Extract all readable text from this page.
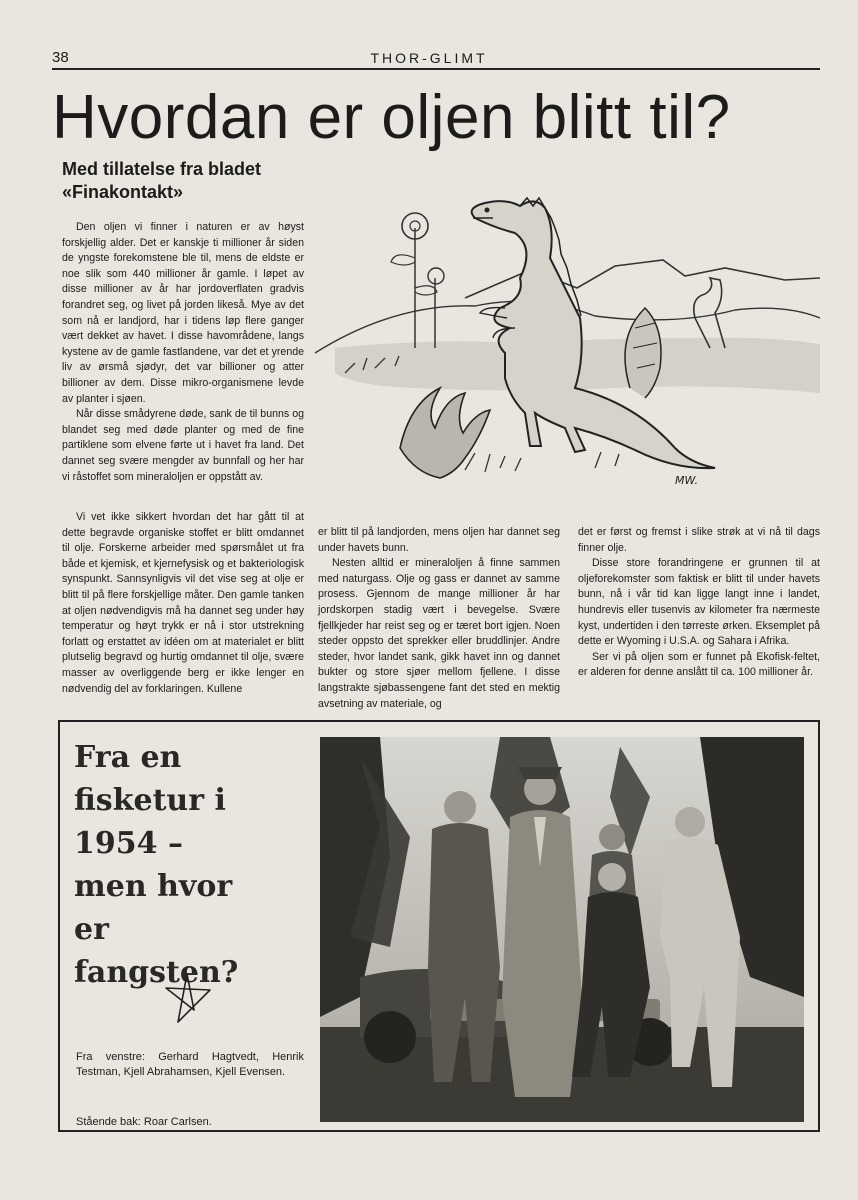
38	THOR-GLIMT
Hvordan er oljen blitt til?
Med tillatelse fra bladet
«Finakontakt»

Den oljen vi finner i naturen er av høyst forskjellig alder. Det er kanskje ti millioner år siden de yngste forekomstene ble til, mens de eldste er noe slik som 440 millioner år gamle. I løpet av disse millioner av år har jordoverflaten gradvis forandret seg, og livet på jorden likeså. Mye av det som nå er landjord, har i tidens løp flere ganger vært dekket av havet. I disse havområdene, langs kystene av de gamle fastlandene, var det et yrende liv av ørsmå sjødyr, det var billioner og atter billioner av dem. Disse mikro-organismene levde av planter i sjøen.

Når disse smådyrene døde, sank de til bunns og blandet seg med døde planter og med de fine partiklene som elvene førte ut i havet fra land. Det dannet seg svære mengder av bunnfall og her har vi råstoffet som mineraloljen er oppstått av.

Vi vet ikke sikkert hvordan det har gått til at dette begravde organiske stoffet er blitt omdannet til olje. Forskerne arbeider med spørsmålet ut fra både et kjemisk, et kjernefysisk og et bakteriologisk synspunkt. Sannsynligvis vil det vise seg at olje er blitt til på flere forskjellige måter. Den gamle tanken at oljen nødvendigvis må ha dannet seg under høy temperatur og høyt trykk er nå i stor utstrekning forlatt og erstattet av idéen om at materialet er blitt plutselig begravd og hurtig omdannet til olje, svære masser av overliggende berg er ikke lenger en nødvendig del av forklaringen. Kullene

er blitt til på landjorden, mens oljen har dannet seg under havets bunn.

Nesten alltid er mineraloljen å finne sammen med naturgass. Olje og gass er dannet av samme prosess. Gjennom de mange millioner år har jordskorpen stadig vært i bevegelse. Svære fjellkjeder har reist seg og er tæret bort igjen. Noen steder oppsto det sprekker eller bruddlinjer. Andre steder, hvor landet sank, gikk havet inn og dannet bukter og store sjøer mellom fjellene. I disse langstrakte sjøbassengene fant det sted en mektig avsetning av materiale, og

det er først og fremst i slike strøk at vi nå til dags finner olje.

Disse store forandringene er grunnen til at oljeforekomster som faktisk er blitt til under havets bunn, nå i vår tid kan ligge langt inne i landet, hundrevis eller tusenvis av kilometer fra nærmeste kyst, undertiden i den tørreste ørken. Eksemplet på dette er Wyoming i U.S.A. og Sahara i Afrika.

Ser vi på oljen som er funnet på Ekofisk-feltet, er alderen for denne anslått til ca. 100 millioner år.

MW.
Fra en
fisketur i
1954 –
men hvor
er
fangsten?
Fra venstre: Gerhard Hagtvedt, Henrik Testman, Kjell Abrahamsen, Kjell Evensen.
Stående bak: Roar Carlsen.
